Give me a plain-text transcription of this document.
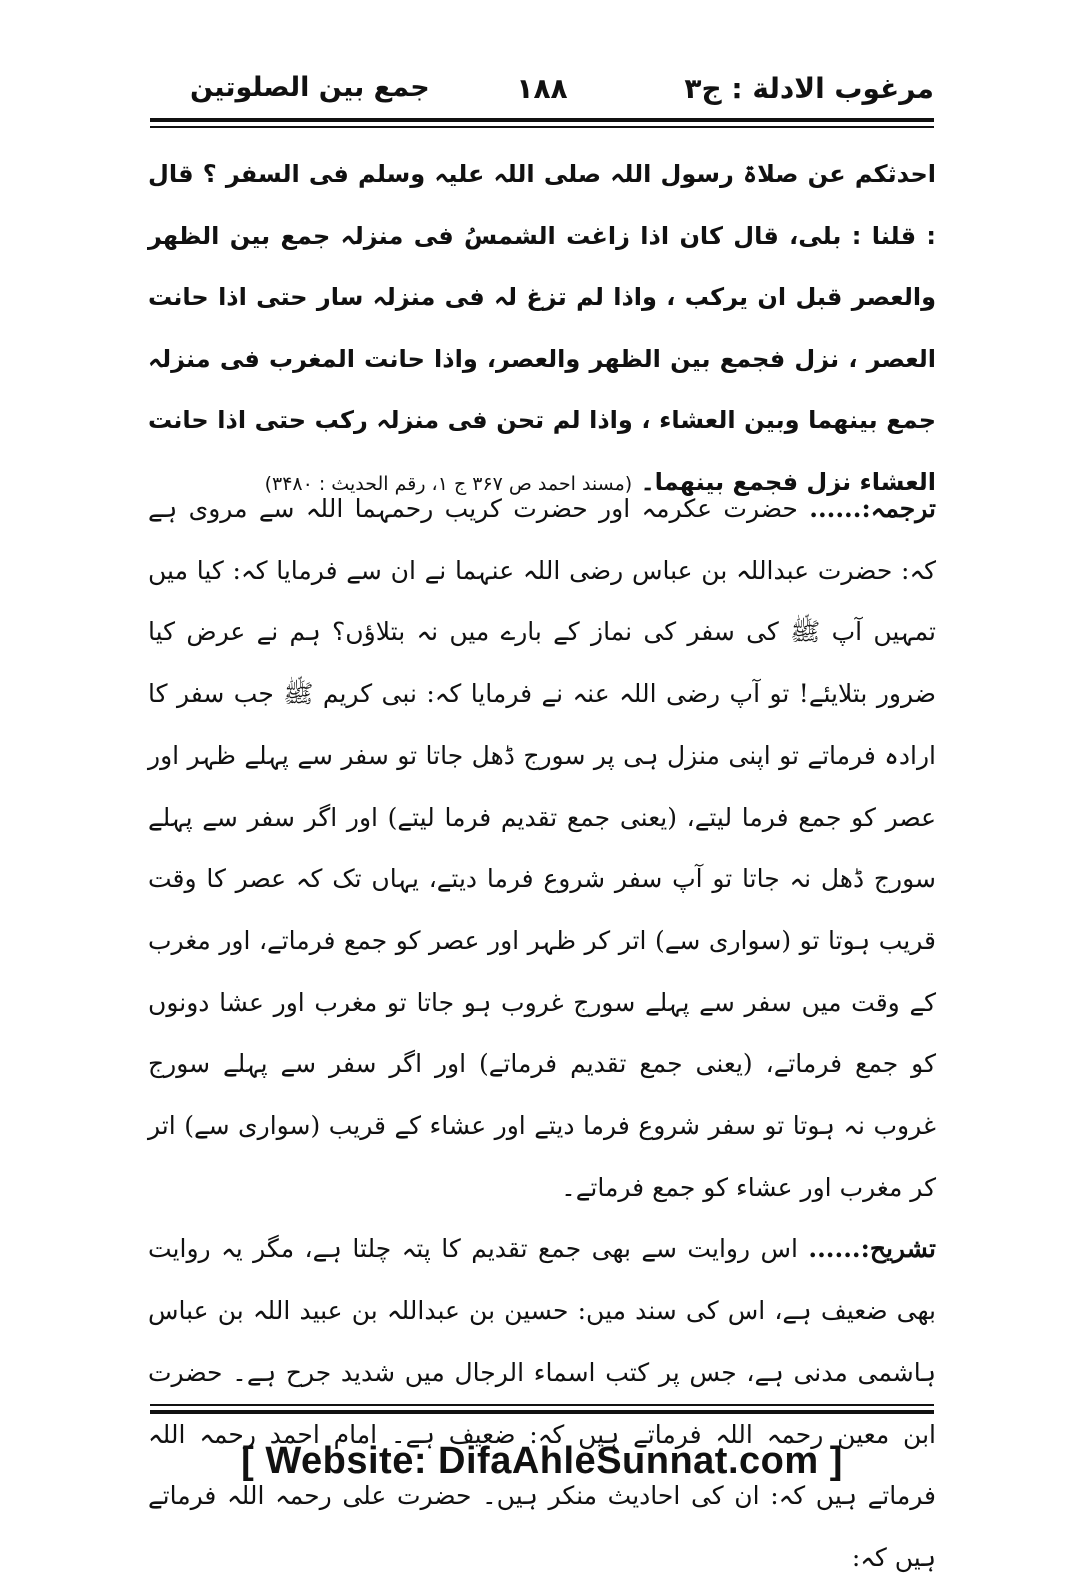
مرغوب الادلة : ج۳
۱۸۸
جمع بین الصلوتین

احدثکم عن صلاۃ رسول اللہ صلی اللہ علیہ وسلم فی السفر ؟ قال : قلنا : بلی، قال کان اذا زاغت الشمسُ فی منزلہ جمع بین الظھر والعصر قبل ان یرکب ، واذا لم تزغ لہ فی منزلہ سار حتی اذا حانت العصر ، نزل فجمع بین الظھر والعصر، واذا حانت المغرب فی منزلہ جمع بینھما وبین العشاء ، واذا لم تحن فی منزلہ رکب حتی اذا حانت العشاء نزل فجمع بینھما۔ (مسند احمد ص ۳۶۷ ج ۱، رقم الحدیث : ۳۴۸۰)

ترجمہ:...... حضرت عکرمہ اور حضرت کریب رحمہما اللہ سے مروی ہے کہ: حضرت عبداللہ بن عباس رضی اللہ عنہما نے ان سے فرمایا کہ: کیا میں تمہیں آپ ﷺ کی سفر کی نماز کے بارے میں نہ بتلاؤں؟ ہم نے عرض کیا ضرور بتلایئے! تو آپ رضی اللہ عنہ نے فرمایا کہ: نبی کریم ﷺ جب سفر کا ارادہ فرماتے تو اپنی منزل ہی پر سورج ڈھل جاتا تو سفر سے پہلے ظہر اور عصر کو جمع فرما لیتے، (یعنی جمع تقدیم فرما لیتے) اور اگر سفر سے پہلے سورج ڈھل نہ جاتا تو آپ سفر شروع فرما دیتے، یہاں تک کہ عصر کا وقت قریب ہوتا تو (سواری سے) اتر کر ظہر اور عصر کو جمع فرماتے، اور مغرب کے وقت میں سفر سے پہلے سورج غروب ہو جاتا تو مغرب اور عشا دونوں کو جمع فرماتے، (یعنی جمع تقدیم فرماتے) اور اگر سفر سے پہلے سورج غروب نہ ہوتا تو سفر شروع فرما دیتے اور عشاء کے قریب (سواری سے) اتر کر مغرب اور عشاء کو جمع فرماتے۔

تشریح:...... اس روایت سے بھی جمع تقدیم کا پتہ چلتا ہے، مگر یہ روایت بھی ضعیف ہے، اس کی سند میں: حسین بن عبداللہ بن عبید اللہ بن عباس ہاشمی مدنی ہے، جس پر کتب اسماء الرجال میں شدید جرح ہے۔ حضرت ابن معین رحمہ اللہ فرماتے ہیں کہ: ضعیف ہے۔ امام احمد رحمہ اللہ فرماتے ہیں کہ: ان کی احادیث منکر ہیں۔ حضرت علی رحمہ اللہ فرماتے ہیں کہ:

[ Website: DifaAhleSunnat.com ]
